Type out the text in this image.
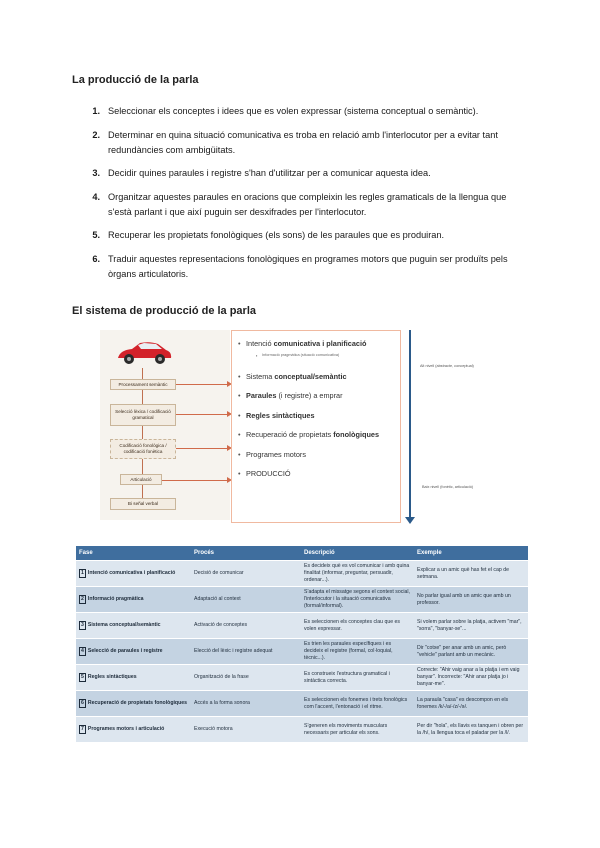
La producció de la parla
1. Seleccionar els conceptes i idees que es volen expressar (sistema conceptual o semàntic).
2. Determinar en quina situació comunicativa es troba en relació amb l'interlocutor per a evitar tant redundàncies com ambigüitats.
3. Decidir quines paraules i registre s'han d'utilitzar per a comunicar aquesta idea.
4. Organitzar aquestes paraules en oracions que compleixin les regles gramaticals de la llengua que s'està parlant i que així puguin ser desxifrades per l'interlocutor.
5. Recuperar les propietats fonològiques (els sons) de les paraules que es produiran.
6. Traduir aquestes representacions fonològiques en programes motors que puguin ser produïts pels òrgans articulatoris.
El sistema de producció de la parla
Processament semàntic
Selecció lèxica / codificació gramatical
Codificació fonològica / codificació fonètica
Articulació
Bi señal verbal
• Intenció comunicativa i planificació
▪ Informació pragmàtica (situació comunicativa)
• Sistema conceptual/semàntic
• Paraules (i registre) a emprar
• Regles sintàctiques
• Recuperació de propietats fonològiques
• Programes motors
• PRODUCCIÓ
Alt nivell (abstracte, conceptual)
Baix nivell (fonètic, articulació)
Fase	Procés	Descripció	Exemple
1 Intenció comunicativa i planificació	Decisió de comunicar	Es decideix què es vol comunicar i amb quina finalitat (informar, preguntar, persuadir, ordenar...).	Explicar a un amic què has fet el cap de setmana.
2 Informació pragmàtica	Adaptació al context	S'adapta el missatge segons el context social, l'interlocutor i la situació comunicativa (formal/informal).	No parlar igual amb un amic que amb un professor.
3 Sistema conceptual/semàntic	Activació de conceptes	Es seleccionen els conceptes clau que es volen expressar.	Si volem parlar sobre la platja, activem "mar", "sorra", "banyar-se"...
4 Selecció de paraules i registre	Elecció del lèxic i registre adequat	Es trien les paraules específiques i es decideix el registre (formal, col·loquial, tècnic...).	Dir "cotxe" per anar amb un amic, però "vehicle" parlant amb un mecànic.
5 Regles sintàctiques	Organització de la frase	Es construeix l'estructura gramatical i sintàctica correcta.	Correcte: "Ahir vaig anar a la platja i em vaig banyar". Incorrecte: "Ahir anar platja jo i banyar-me".
6 Recuperació de propietats fonològiques	Accés a la forma sonora	Es seleccionen els fonemes i trets fonològics com l'accent, l'entonació i el ritme.	La paraula "casa" es descompon en els fonemes /k/-/a/-/z/-/ə/.
7 Programes motors i articulació	Execució motora	S'generen els moviments musculars necessaris per articular els sons.	Per dir "hola", els llavis es tanquen i obren per la /h/, la llengua toca el paladar per la /l/.
